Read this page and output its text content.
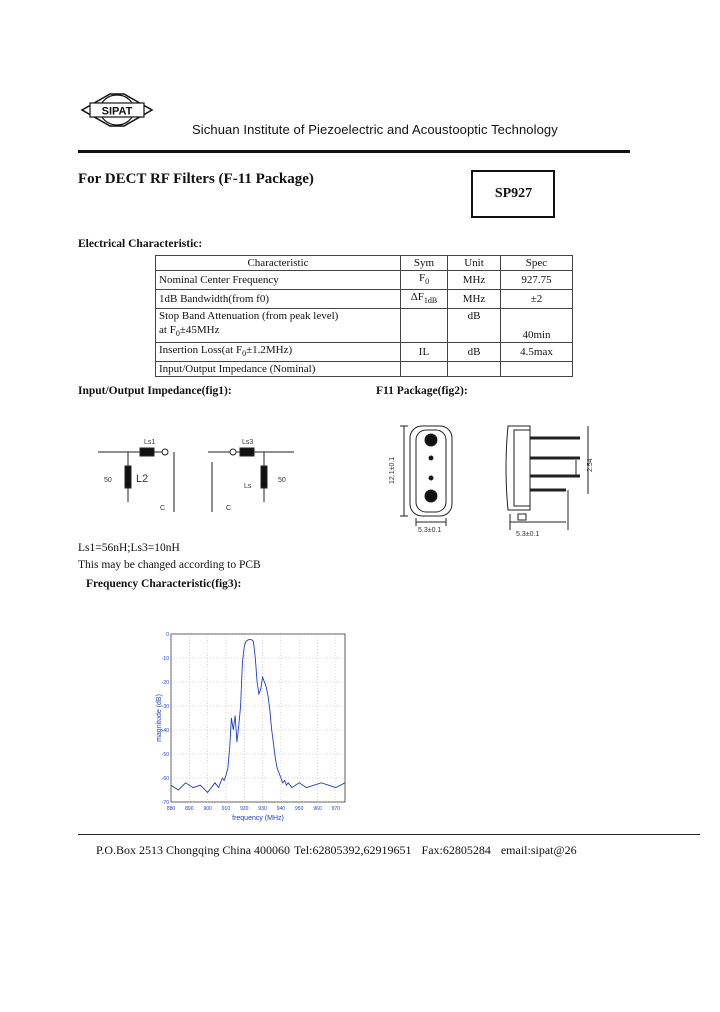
SIPAT
Sichuan Institute of Piezoelectric and Acoustooptic Technology
For DECT RF Filters (F-11 Package)
SP927
Electrical Characteristic:
Characteristic	Sym	Unit	Spec
Nominal Center Frequency	$F_0$	MHz	927.75
1dB Bandwidth(from f0)	$\Delta F_{1dB}$	MHz	±2

Stop Band Attenuation (from peak level)
at $F_0\pm 45MHz$		dB	40min
Insertion Loss(at $F_0\pm 1.2MHz$)	IL	dB	4.5max
Input/Output Impedance (Nominal)			
Input/Output Impedance(fig1):	F11 Package(fig2):
Ls1	Ls3
L2
50	50
Ls
C	C
12.1±0.1
5.3±0.1
5.3±0.1
2.54
Ls1=56nH;Ls3=10nH
This may be changed according to PCB
Frequency Characteristic(fig3):
0
-10
-20
-30
-40
-50
-60
-70
880 890 900 910 920 930 940 950 960 970
frequency (MHz)
magnitude (dB)
P.O.Box 2513 Chongqing China 400060 Tel:62805392,62919651 Fax:62805284 email:sipat@26
